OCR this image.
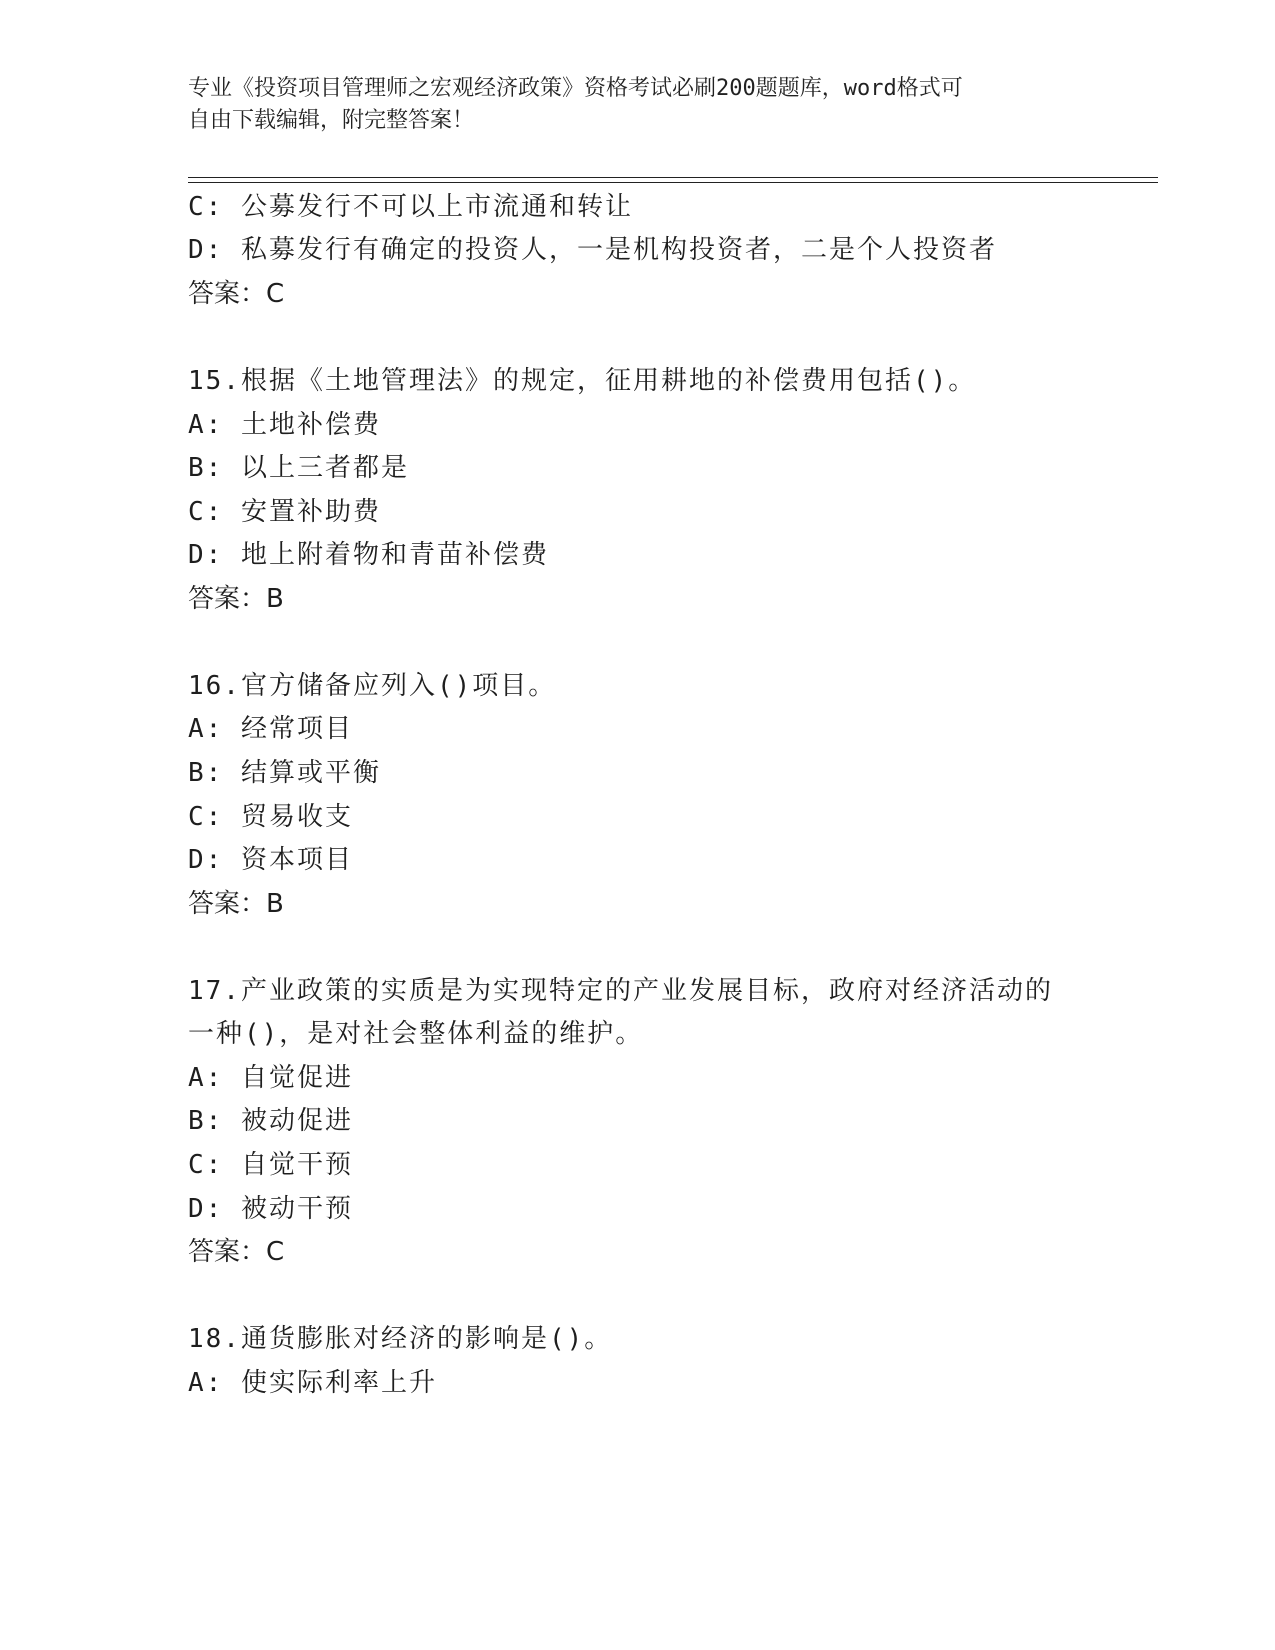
专业《投资项目管理师之宏观经济政策》资格考试必刷200题题库，word格式可
自由下载编辑，附完整答案！
C: 公募发行不可以上市流通和转让
D: 私募发行有确定的投资人，一是机构投资者，二是个人投资者
答案：C
15.根据《土地管理法》的规定，征用耕地的补偿费用包括()。
A: 土地补偿费
B: 以上三者都是
C: 安置补助费
D: 地上附着物和青苗补偿费
答案：B
16.官方储备应列入()项目。
A: 经常项目
B: 结算或平衡
C: 贸易收支
D: 资本项目
答案：B
17.产业政策的实质是为实现特定的产业发展目标，政府对经济活动的
一种()，是对社会整体利益的维护。
A: 自觉促进
B: 被动促进
C: 自觉干预
D: 被动干预
答案：C
18.通货膨胀对经济的影响是()。
A: 使实际利率上升
